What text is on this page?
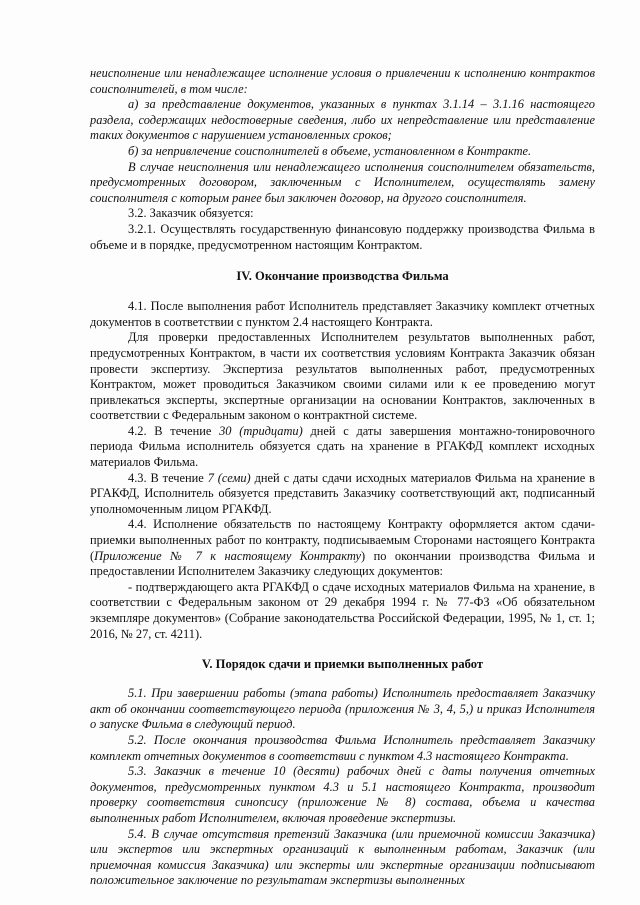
неисполнение или ненадлежащее исполнение условия о привлечении к исполнению контрактов соисполнителей, в том числе:

а) за представление документов, указанных в пунктах 3.1.14 – 3.1.16 настоящего раздела, содержащих недостоверные сведения, либо их непредставление или представление таких документов с нарушением установленных сроков;

б) за непривлечение соисполнителей в объеме, установленном в Контракте.

В случае неисполнения или ненадлежащего исполнения соисполнителем обязательств, предусмотренных договором, заключенным с Исполнителем, осуществлять замену соисполнителя с которым ранее был заключен договор, на другого соисполнителя.

3.2. Заказчик обязуется:

3.2.1. Осуществлять государственную финансовую поддержку производства Фильма в объеме и в порядке, предусмотренном настоящим Контрактом.

IV. Окончание производства Фильма

4.1. После выполнения работ Исполнитель представляет Заказчику комплект отчетных документов в соответствии с пунктом 2.4 настоящего Контракта.

Для проверки предоставленных Исполнителем результатов выполненных работ, предусмотренных Контрактом, в части их соответствия условиям Контракта Заказчик обязан провести экспертизу. Экспертиза результатов выполненных работ, предусмотренных Контрактом, может проводиться Заказчиком своими силами или к ее проведению могут привлекаться эксперты, экспертные организации на основании Контрактов, заключенных в соответствии с Федеральным законом о контрактной системе.

4.2. В течение 30 (тридцати) дней с даты завершения монтажно-тонировочного периода Фильма исполнитель обязуется сдать на хранение в РГАКФД комплект исходных материалов Фильма.

4.3. В течение 7 (семи) дней с даты сдачи исходных материалов Фильма на хранение в РГАКФД, Исполнитель обязуется представить Заказчику соответствующий акт, подписанный уполномоченным лицом РГАКФД.

4.4. Исполнение обязательств по настоящему Контракту оформляется актом сдачи-приемки выполненных работ по контракту, подписываемым Сторонами настоящего Контракта (Приложение № 7 к настоящему Контракту) по окончании производства Фильма и предоставлении Исполнителем Заказчику следующих документов:

- подтверждающего акта РГАКФД о сдаче исходных материалов Фильма на хранение, в соответствии с Федеральным законом от 29 декабря 1994 г. № 77-ФЗ «Об обязательном экземпляре документов» (Собрание законодательства Российской Федерации, 1995, № 1, ст. 1; 2016, № 27, ст. 4211).

V. Порядок сдачи и приемки выполненных работ

5.1. При завершении работы (этапа работы) Исполнитель предоставляет Заказчику акт об окончании соответствующего периода (приложения № 3, 4, 5,) и приказ Исполнителя о запуске Фильма в следующий период.

5.2. После окончания производства Фильма Исполнитель представляет Заказчику комплект отчетных документов в соответствии с пунктом 4.3 настоящего Контракта.

5.3. Заказчик в течение 10 (десяти) рабочих дней с даты получения отчетных документов, предусмотренных пунктом 4.3 и 5.1 настоящего Контракта, производит проверку соответствия синопсису (приложение № 8) состава, объема и качества выполненных работ Исполнителем, включая проведение экспертизы.

5.4. В случае отсутствия претензий Заказчика (или приемочной комиссии Заказчика) или экспертов или экспертных организаций к выполненным работам, Заказчик (или приемочная комиссия Заказчика) или эксперты или экспертные организации подписывают положительное заключение по результатам экспертизы выполненных
